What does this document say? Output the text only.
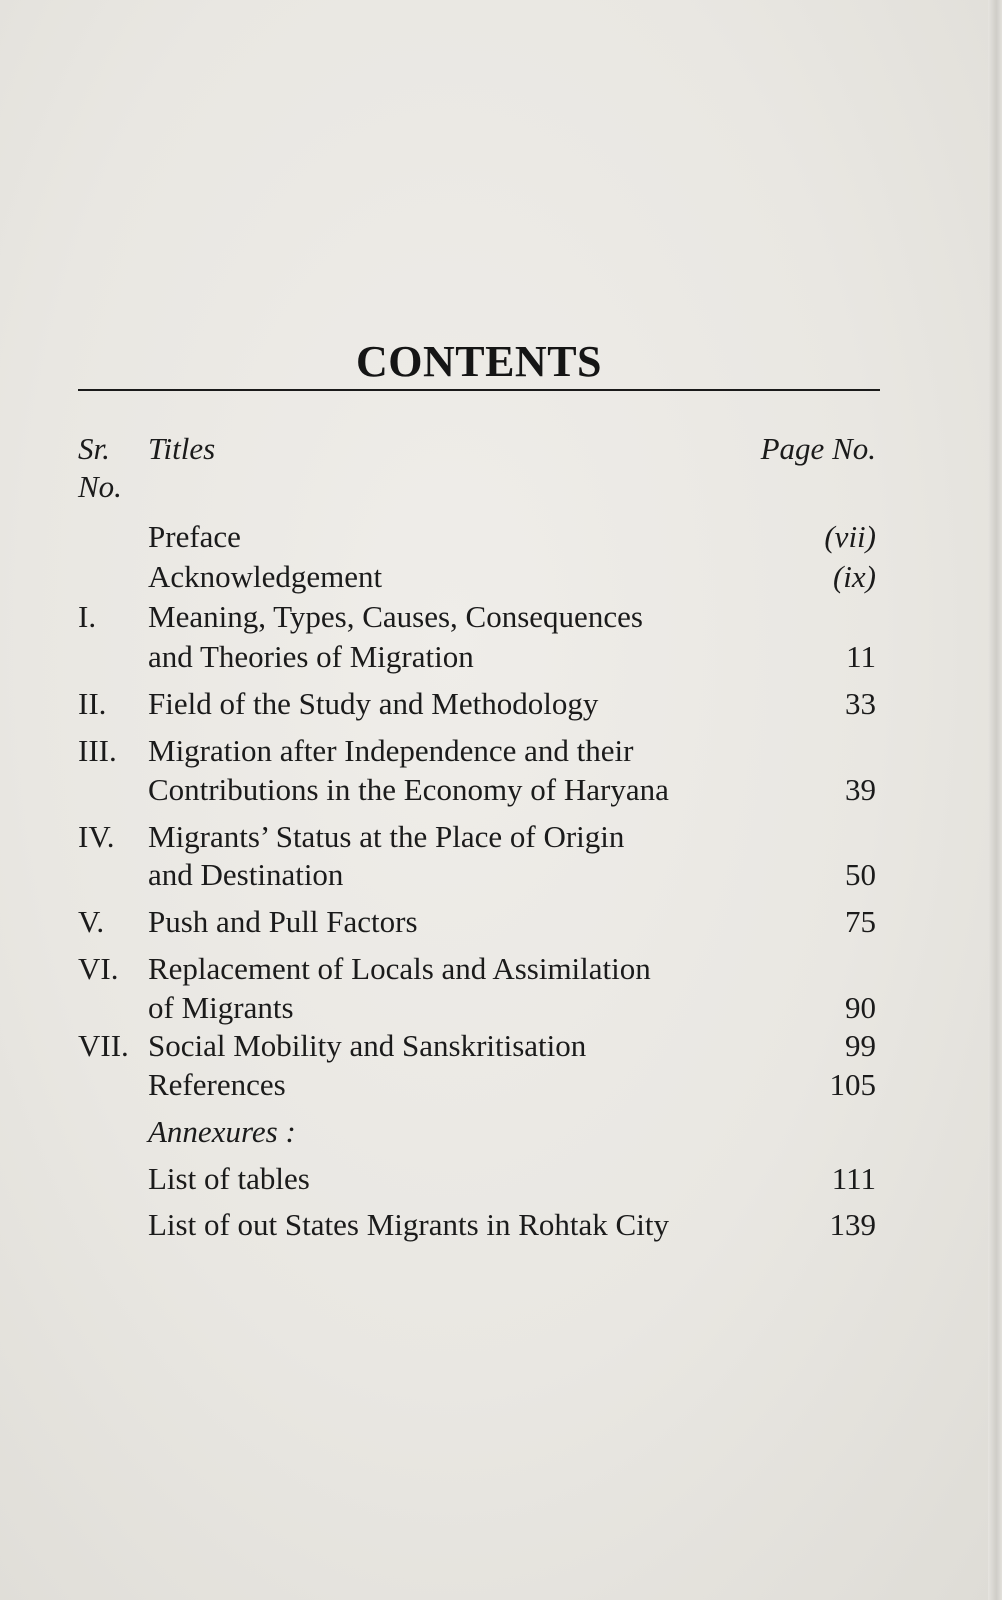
CONTENTS
Sr. Titles	Page No.
No.
Preface	(vii)
Acknowledgement	(ix)
I. Meaning, Types, Causes, Consequences
and Theories of Migration	11
II. Field of the Study and Methodology	33
III. Migration after Independence and their
Contributions in the Economy of Haryana	39
IV. Migrants’ Status at the Place of Origin
and Destination	50
V. Push and Pull Factors	75
VI. Replacement of Locals and Assimilation
of Migrants	90
VII. Social Mobility and Sanskritisation	99
References	105
Annexures :
List of tables	111
List of out States Migrants in Rohtak City	139
